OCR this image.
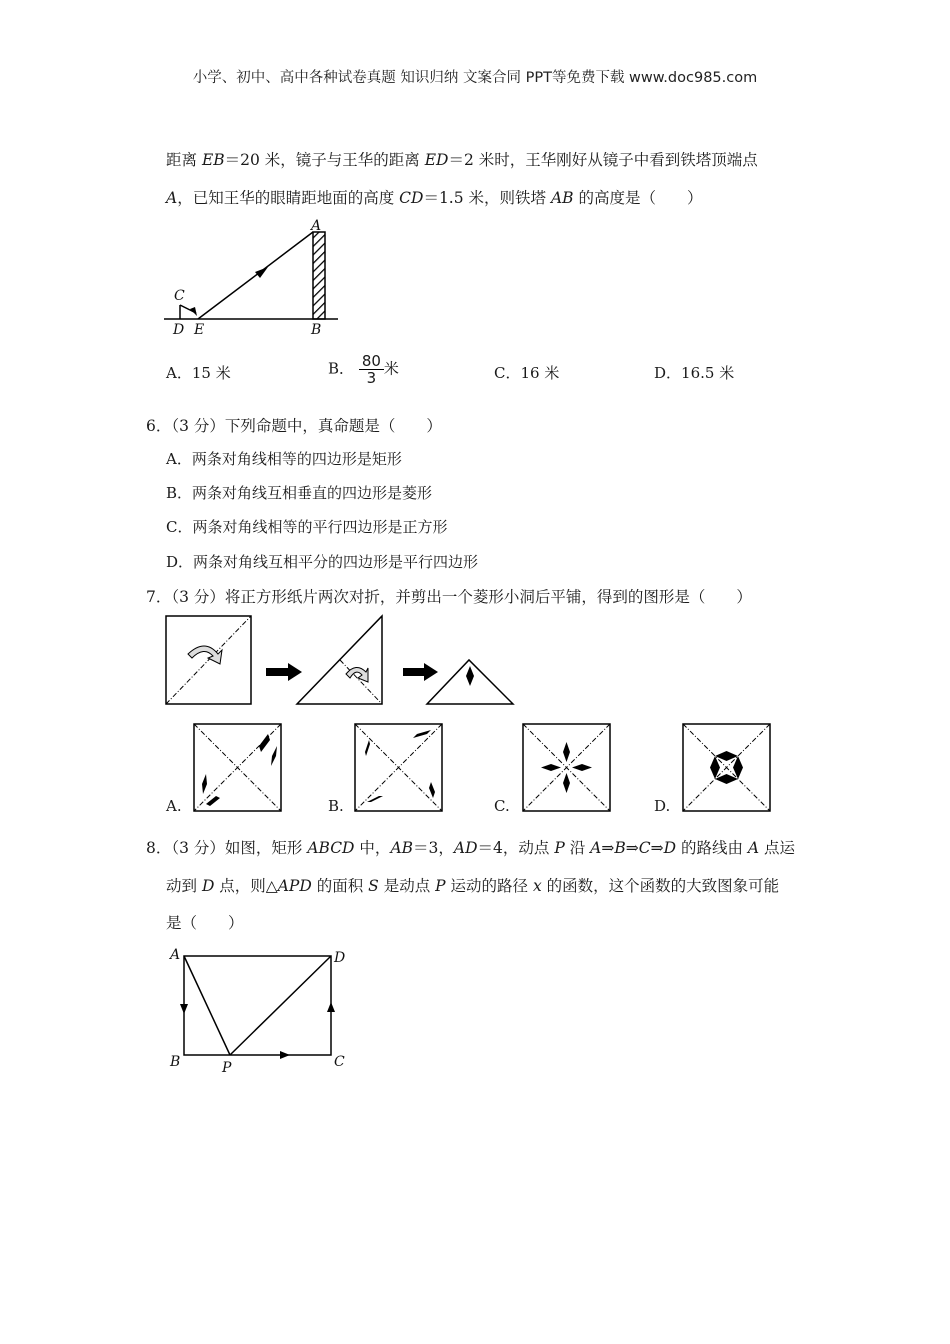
小学、初中、高中各种试卷真题 知识归纳 文案合同 PPT等免费下载 www.doc985.com
距离 EB＝20 米，镜子与王华的距离 ED＝2 米时，王华刚好从镜子中看到铁塔顶端点
A，已知王华的眼睛距地面的高度 CD＝1.5 米，则铁塔 AB 的高度是（　　）
C
D E	B
A
A．15 米	B． $\frac{80}{3}$ 米	C．16 米	D．16.5 米
6．（3 分）下列命题中，真命题是（　　）
A．两条对角线相等的四边形是矩形
B．两条对角线互相垂直的四边形是菱形
C．两条对角线相等的平行四边形是正方形
D．两条对角线互相平分的四边形是平行四边形
7．（3 分）将正方形纸片两次对折，并剪出一个菱形小洞后平铺，得到的图形是（　　）
A.	B.	C.	D.
8．（3 分）如图，矩形 ABCD 中，AB＝3，AD＝4，动点 P 沿 A⇒B⇒C⇒D 的路线由 A 点运
动到 D 点，则△APD 的面积 S 是动点 P 运动的路径 x 的函数，这个函数的大致图象可能
是（　　）
A	D
B	C
P
